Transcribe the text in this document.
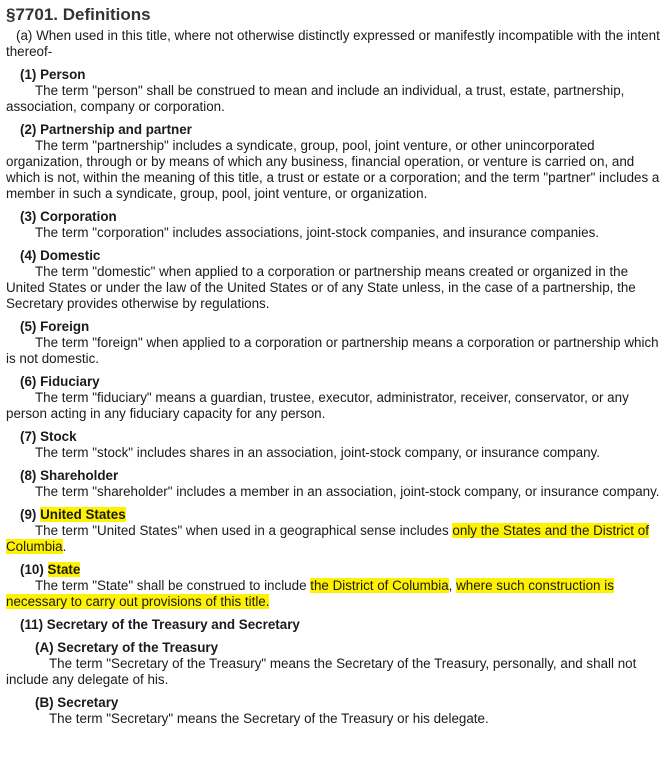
§7701. Definitions
(a) When used in this title, where not otherwise distinctly expressed or manifestly incompatible with the intent thereof-
(1) Person
The term "person" shall be construed to mean and include an individual, a trust, estate, partnership, association, company or corporation.
(2) Partnership and partner
The term "partnership" includes a syndicate, group, pool, joint venture, or other unincorporated organization, through or by means of which any business, financial operation, or venture is carried on, and which is not, within the meaning of this title, a trust or estate or a corporation; and the term "partner" includes a member in such a syndicate, group, pool, joint venture, or organization.
(3) Corporation
The term "corporation" includes associations, joint-stock companies, and insurance companies.
(4) Domestic
The term "domestic" when applied to a corporation or partnership means created or organized in the United States or under the law of the United States or of any State unless, in the case of a partnership, the Secretary provides otherwise by regulations.
(5) Foreign
The term "foreign" when applied to a corporation or partnership means a corporation or partnership which is not domestic.
(6) Fiduciary
The term "fiduciary" means a guardian, trustee, executor, administrator, receiver, conservator, or any person acting in any fiduciary capacity for any person.
(7) Stock
The term "stock" includes shares in an association, joint-stock company, or insurance company.
(8) Shareholder
The term "shareholder" includes a member in an association, joint-stock company, or insurance company.
(9) United States
The term "United States" when used in a geographical sense includes only the States and the District of Columbia.
(10) State
The term "State" shall be construed to include the District of Columbia, where such construction is necessary to carry out provisions of this title.
(11) Secretary of the Treasury and Secretary
(A) Secretary of the Treasury
The term "Secretary of the Treasury" means the Secretary of the Treasury, personally, and shall not include any delegate of his.
(B) Secretary
The term "Secretary" means the Secretary of the Treasury or his delegate.
